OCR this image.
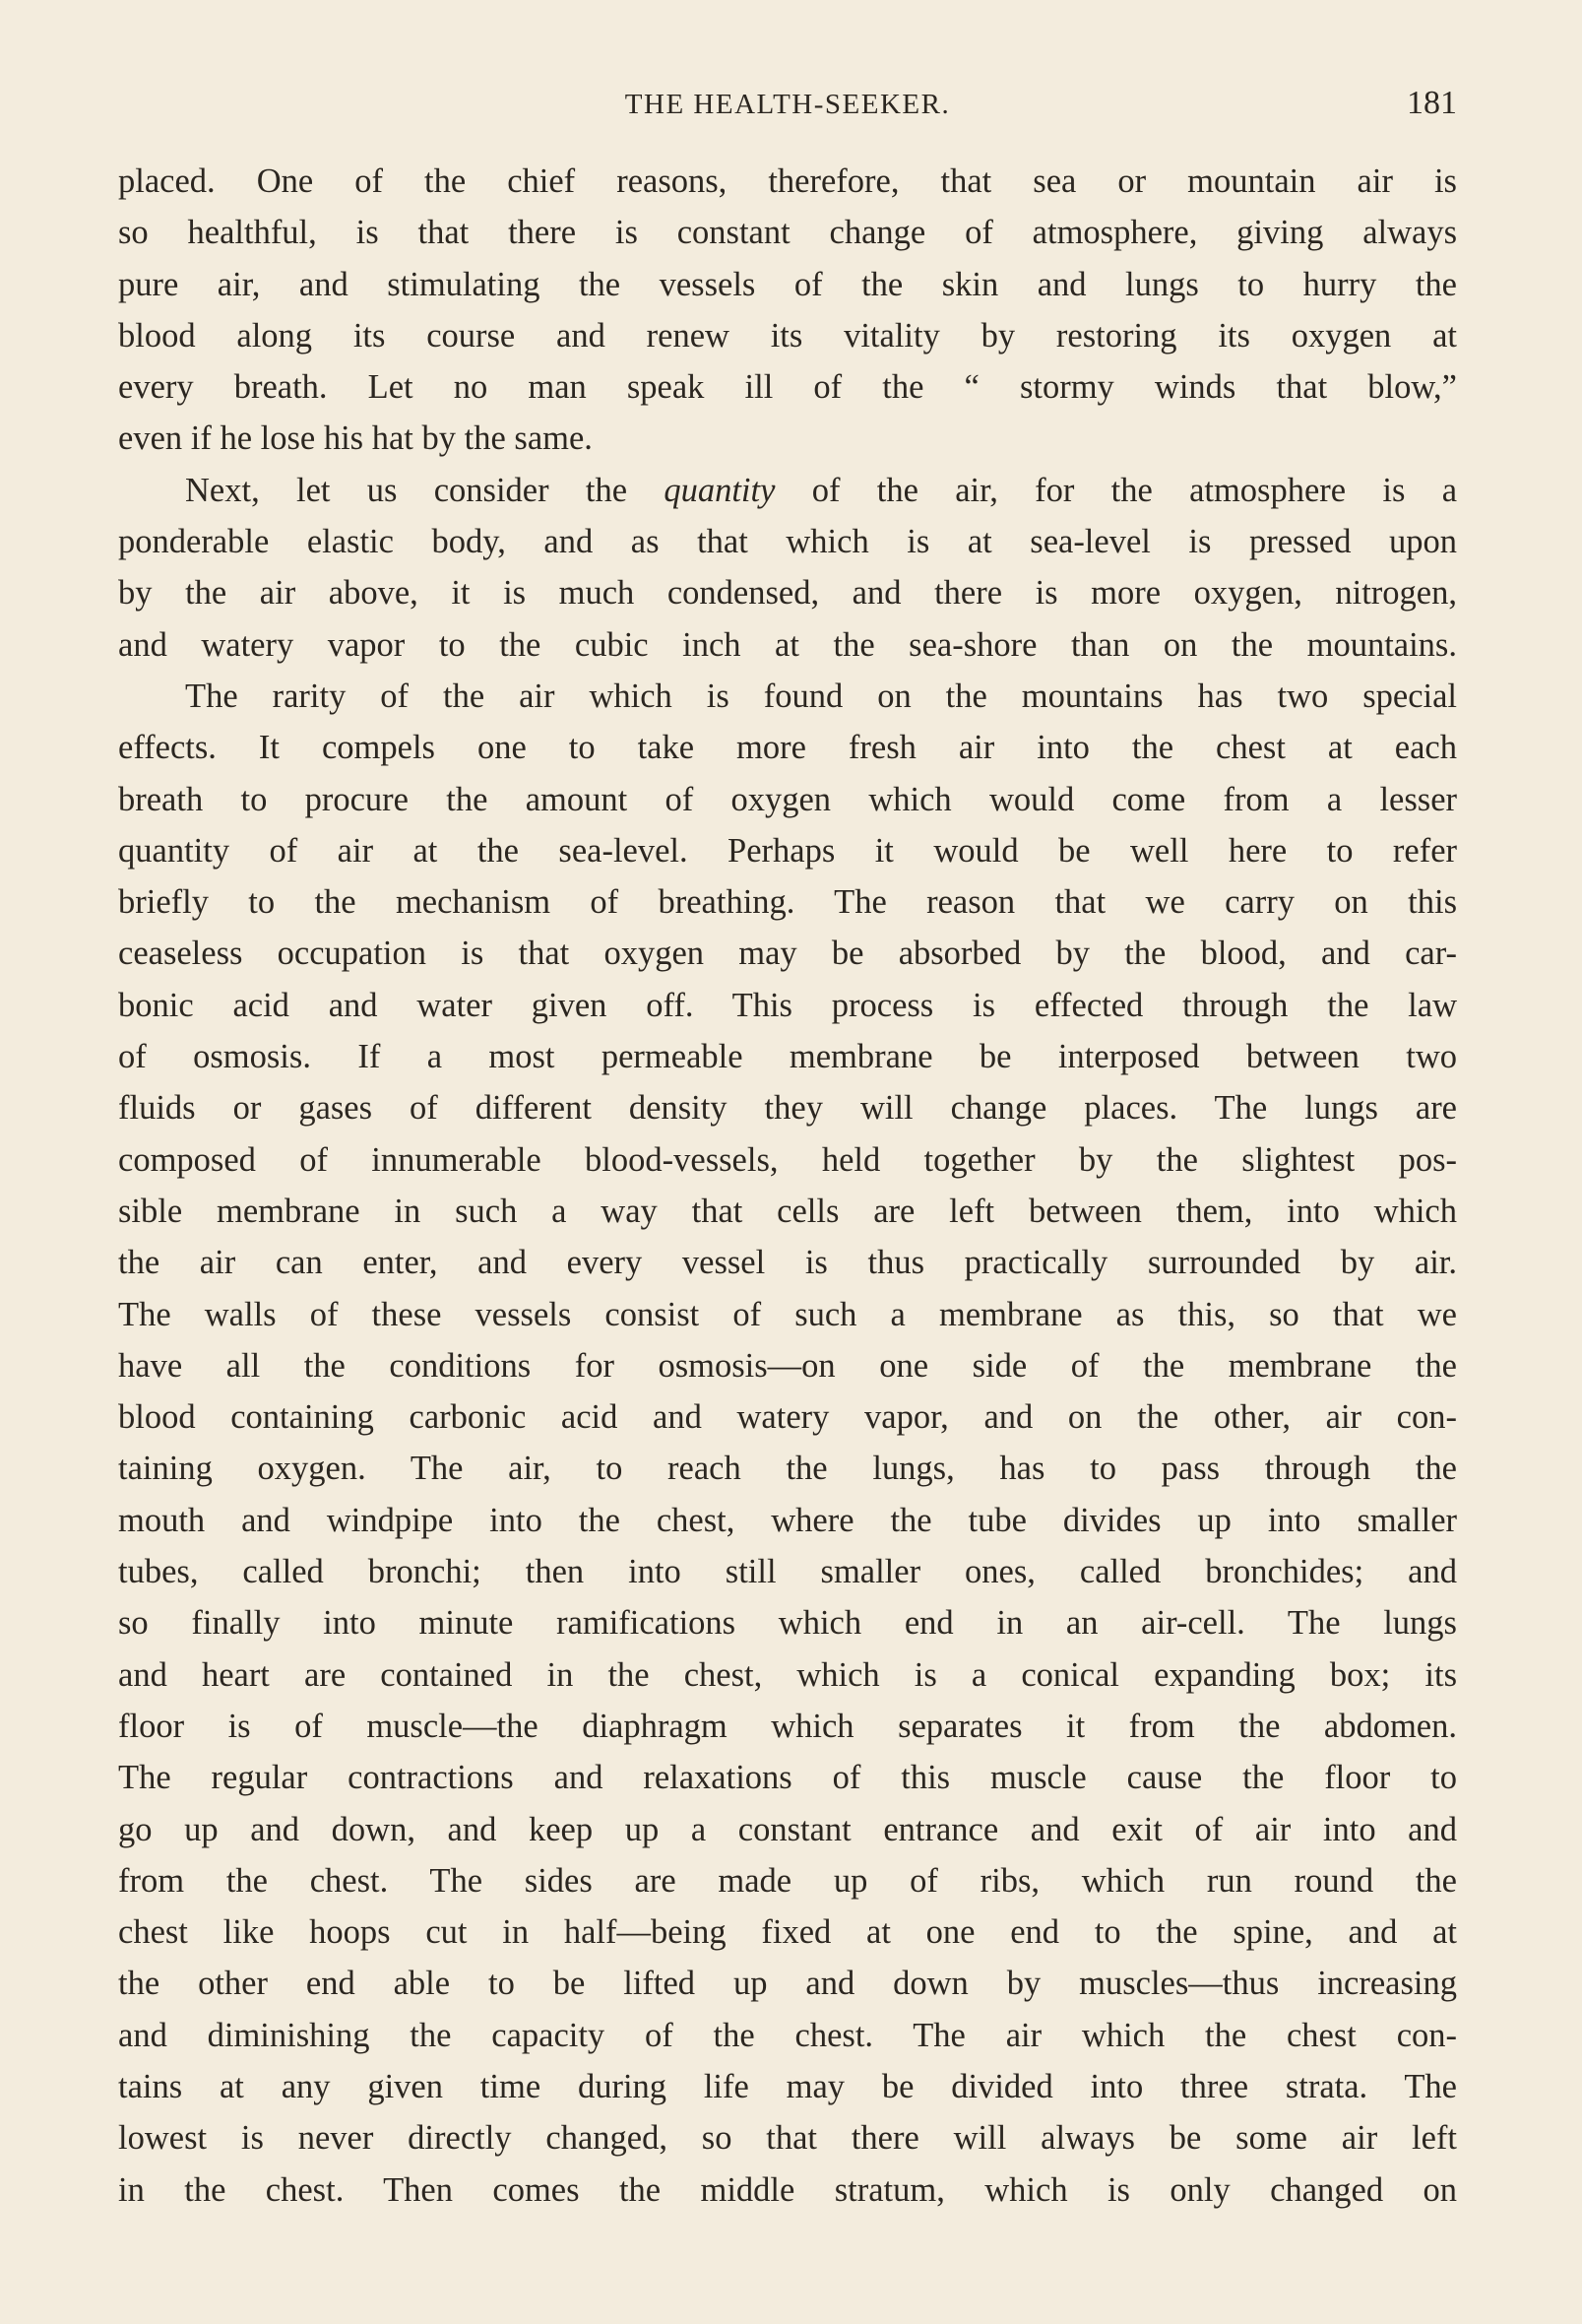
THE HEALTH-SEEKER.	181
placed. One of the chief reasons, therefore, that sea or mountain air is
so healthful, is that there is constant change of atmosphere, giving always
pure air, and stimulating the vessels of the skin and lungs to hurry the
blood along its course and renew its vitality by restoring its oxygen at
every breath. Let no man speak ill of the “ stormy winds that blow,”
even if he lose his hat by the same.
Next, let us consider the quantity of the air, for the atmosphere is a
ponderable elastic body, and as that which is at sea-level is pressed upon
by the air above, it is much condensed, and there is more oxygen, nitrogen,
and watery vapor to the cubic inch at the sea-shore than on the mountains.
The rarity of the air which is found on the mountains has two special
effects. It compels one to take more fresh air into the chest at each
breath to procure the amount of oxygen which would come from a lesser
quantity of air at the sea-level. Perhaps it would be well here to refer
briefly to the mechanism of breathing. The reason that we carry on this
ceaseless occupation is that oxygen may be absorbed by the blood, and car-
bonic acid and water given off. This process is effected through the law
of osmosis. If a most permeable membrane be interposed between two
fluids or gases of different density they will change places. The lungs are
composed of innumerable blood-vessels, held together by the slightest pos-
sible membrane in such a way that cells are left between them, into which
the air can enter, and every vessel is thus practically surrounded by air.
The walls of these vessels consist of such a membrane as this, so that we
have all the conditions for osmosis—on one side of the membrane the
blood containing carbonic acid and watery vapor, and on the other, air con-
taining oxygen. The air, to reach the lungs, has to pass through the
mouth and windpipe into the chest, where the tube divides up into smaller
tubes, called bronchi; then into still smaller ones, called bronchides; and
so finally into minute ramifications which end in an air-cell. The lungs
and heart are contained in the chest, which is a conical expanding box; its
floor is of muscle—the diaphragm which separates it from the abdomen.
The regular contractions and relaxations of this muscle cause the floor to
go up and down, and keep up a constant entrance and exit of air into and
from the chest. The sides are made up of ribs, which run round the
chest like hoops cut in half—being fixed at one end to the spine, and at
the other end able to be lifted up and down by muscles—thus increasing
and diminishing the capacity of the chest. The air which the chest con-
tains at any given time during life may be divided into three strata. The
lowest is never directly changed, so that there will always be some air left
in the chest. Then comes the middle stratum, which is only changed on
